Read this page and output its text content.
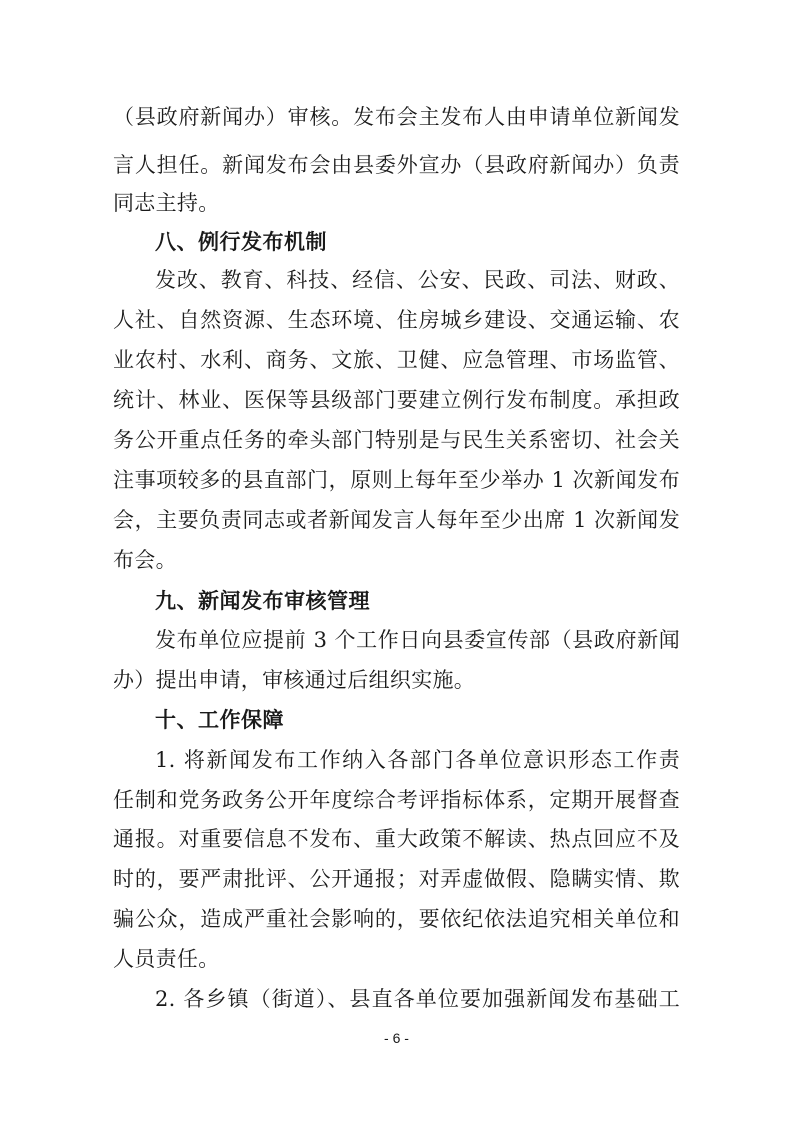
（县政府新闻办）审核。发布会主发布人由申请单位新闻发
言人担任。新闻发布会由县委外宣办（县政府新闻办）负责
同志主持。
八、例行发布机制
发改、教育、科技、经信、公安、民政、司法、财政、
人社、自然资源、生态环境、住房城乡建设、交通运输、农
业农村、水利、商务、文旅、卫健、应急管理、市场监管、
统计、林业、医保等县级部门要建立例行发布制度。承担政
务公开重点任务的牵头部门特别是与民生关系密切、社会关
注事项较多的县直部门，原则上每年至少举办 1 次新闻发布
会，主要负责同志或者新闻发言人每年至少出席 1 次新闻发
布会。
九、新闻发布审核管理
发布单位应提前 3 个工作日向县委宣传部（县政府新闻
办）提出申请，审核通过后组织实施。
十、工作保障
1. 将新闻发布工作纳入各部门各单位意识形态工作责
任制和党务政务公开年度综合考评指标体系，定期开展督查
通报。对重要信息不发布、重大政策不解读、热点回应不及
时的，要严肃批评、公开通报；对弄虚做假、隐瞒实情、欺
骗公众，造成严重社会影响的，要依纪依法追究相关单位和
人员责任。
2. 各乡镇（街道）、县直各单位要加强新闻发布基础工
- 6 -
